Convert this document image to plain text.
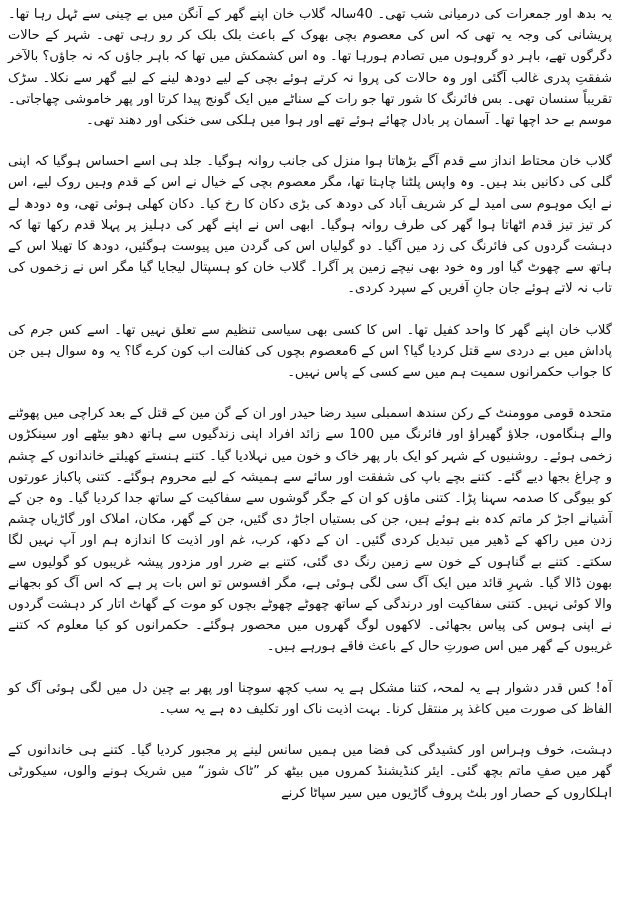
یہ بدھ اور جمعرات کی درمیانی شب تھی۔ 40سالہ گلاب خان اپنے گھر کے آنگن میں بے چینی سے ٹہل رہا تھا۔ پریشانی کی وجہ یہ تھی کہ اس کی معصوم بچی بھوک کے باعث بلک بلک کر رو رہی تھی۔ شہر کے حالات دگرگوں تھے، باہر دو گروہوں میں تصادم ہورہا تھا۔ وہ اس کشمکش میں تھا کہ باہر جاؤں کہ نہ جاؤں؟ بالآخر شفقتِ پدری غالب آگئی اور وہ حالات کی پروا نہ کرتے ہوئے بچی کے لیے دودھ لینے کے لیے گھر سے نکلا۔ سڑک تقریباً سنسان تھی۔ بس فائرنگ کا شور تھا جو رات کے سناٹے میں ایک گونج پیدا کرتا اور پھر خاموشی چھاجاتی۔ موسم بے حد اچھا تھا۔ آسمان پر بادل چھائے ہوئے تھے اور ہوا میں ہلکی سی خنکی اور دھند تھی۔

گلاب خان محتاط انداز سے قدم آگے بڑھاتا ہوا منزل کی جانب روانہ ہوگیا۔ جلد ہی اسے احساس ہوگیا کہ اپنی گلی کی دکانیں بند ہیں۔ وہ واپس پلٹنا چاہتا تھا، مگر معصوم بچی کے خیال نے اس کے قدم وہیں روک لیے، اس نے ایک موہوم سی امید لے کر شریف آباد کی دودھ کی بڑی دکان کا رخ کیا۔ دکان کھلی ہوئی تھی، وہ دودھ لے کر تیز تیز قدم اٹھاتا ہوا گھر کی طرف روانہ ہوگیا۔ ابھی اس نے اپنے گھر کی دہلیز پر پہلا قدم رکھا تھا کہ دہشت گردوں کی فائرنگ کی زد میں آگیا۔ دو گولیاں اس کی گردن میں پیوست ہوگئیں، دودھ کا تھیلا اس کے ہاتھ سے چھوٹ گیا اور وہ خود بھی نیچے زمین پر آگرا۔ گلاب خان کو ہسپتال لیجایا گیا مگر اس نے زخموں کی تاب نہ لاتے ہوئے جان جانِ آفریں کے سپرد کردی۔

گلاب خان اپنے گھر کا واحد کفیل تھا۔ اس کا کسی بھی سیاسی تنظیم سے تعلق نہیں تھا۔ اسے کس جرم کی پاداش میں بے دردی سے قتل کردیا گیا؟ اس کے 6معصوم بچوں کی کفالت اب کون کرے گا؟ یہ وہ سوال ہیں جن کا جواب حکمرانوں سمیت ہم میں سے کسی کے پاس نہیں۔

متحدہ قومی موومنٹ کے رکن سندھ اسمبلی سید رضا حیدر اور ان کے گن مین کے قتل کے بعد کراچی میں پھوٹنے والے ہنگاموں، جلاؤ گھیراؤ اور فائرنگ میں 100 سے زائد افراد اپنی زندگیوں سے ہاتھ دھو بیٹھے اور سینکڑوں زخمی ہوئے۔ روشنیوں کے شہر کو ایک بار پھر خاک و خون میں نہلادیا گیا۔ کتنے ہنستے کھیلتے خاندانوں کے چشم و چراغ بجھا دیے گئے۔ کتنے بچے باپ کی شفقت اور سائے سے ہمیشہ کے لیے محروم ہوگئے۔ کتنی پاکباز عورتوں کو بیوگی کا صدمہ سہنا پڑا۔ کتنی ماؤں کو ان کے جگر گوشوں سے سفاکیت کے ساتھ جدا کردیا گیا۔ وہ جن کے آشیانے اجڑ کر ماتم کدہ بنے ہوئے ہیں، جن کی بستیاں اجاڑ دی گئیں، جن کے گھر، مکان، املاک اور گاڑیاں چشم زدن میں راکھ کے ڈھیر میں تبدیل کردی گئیں۔ ان کے دکھ، کرب، غم اور اذیت کا اندازہ ہم اور آپ نہیں لگا سکتے۔ کتنے بے گناہوں کے خون سے زمین رنگ دی گئی، کتنے بے ضرر اور مزدور پیشہ غریبوں کو گولیوں سے بھون ڈالا گیا۔ شہرِ قائد میں ایک آگ سی لگی ہوئی ہے، مگر افسوس تو اس بات پر ہے کہ اس آگ کو بجھانے والا کوئی نہیں۔ کتنی سفاکیت اور درندگی کے ساتھ چھوٹے چھوٹے بچوں کو موت کے گھاٹ اتار کر دہشت گردوں نے اپنی ہوس کی پیاس بجھائی۔ لاکھوں لوگ گھروں میں محصور ہوگئے۔ حکمرانوں کو کیا معلوم کہ کتنے غریبوں کے گھر میں اس صورتِ حال کے باعث فاقے ہورہے ہیں۔

آہ! کس قدر دشوار ہے یہ لمحہ، کتنا مشکل ہے یہ سب کچھ سوچنا اور پھر بے چین دل میں لگی ہوئی آگ کو الفاظ کی صورت میں کاغذ پر منتقل کرنا۔ بہت اذیت ناک اور تکلیف دہ ہے یہ سب۔

دہشت، خوف وہراس اور کشیدگی کی فضا میں ہمیں سانس لینے پر مجبور کردیا گیا۔ کتنے ہی خاندانوں کے گھر میں صفِ ماتم بچھ گئی۔ ایئر کنڈیشنڈ کمروں میں بیٹھ کر ”ٹاک شوز“ میں شریک ہونے والوں، سیکورٹی اہلکاروں کے حصار اور بلٹ پروف گاڑیوں میں سیر سپاٹا کرنے
